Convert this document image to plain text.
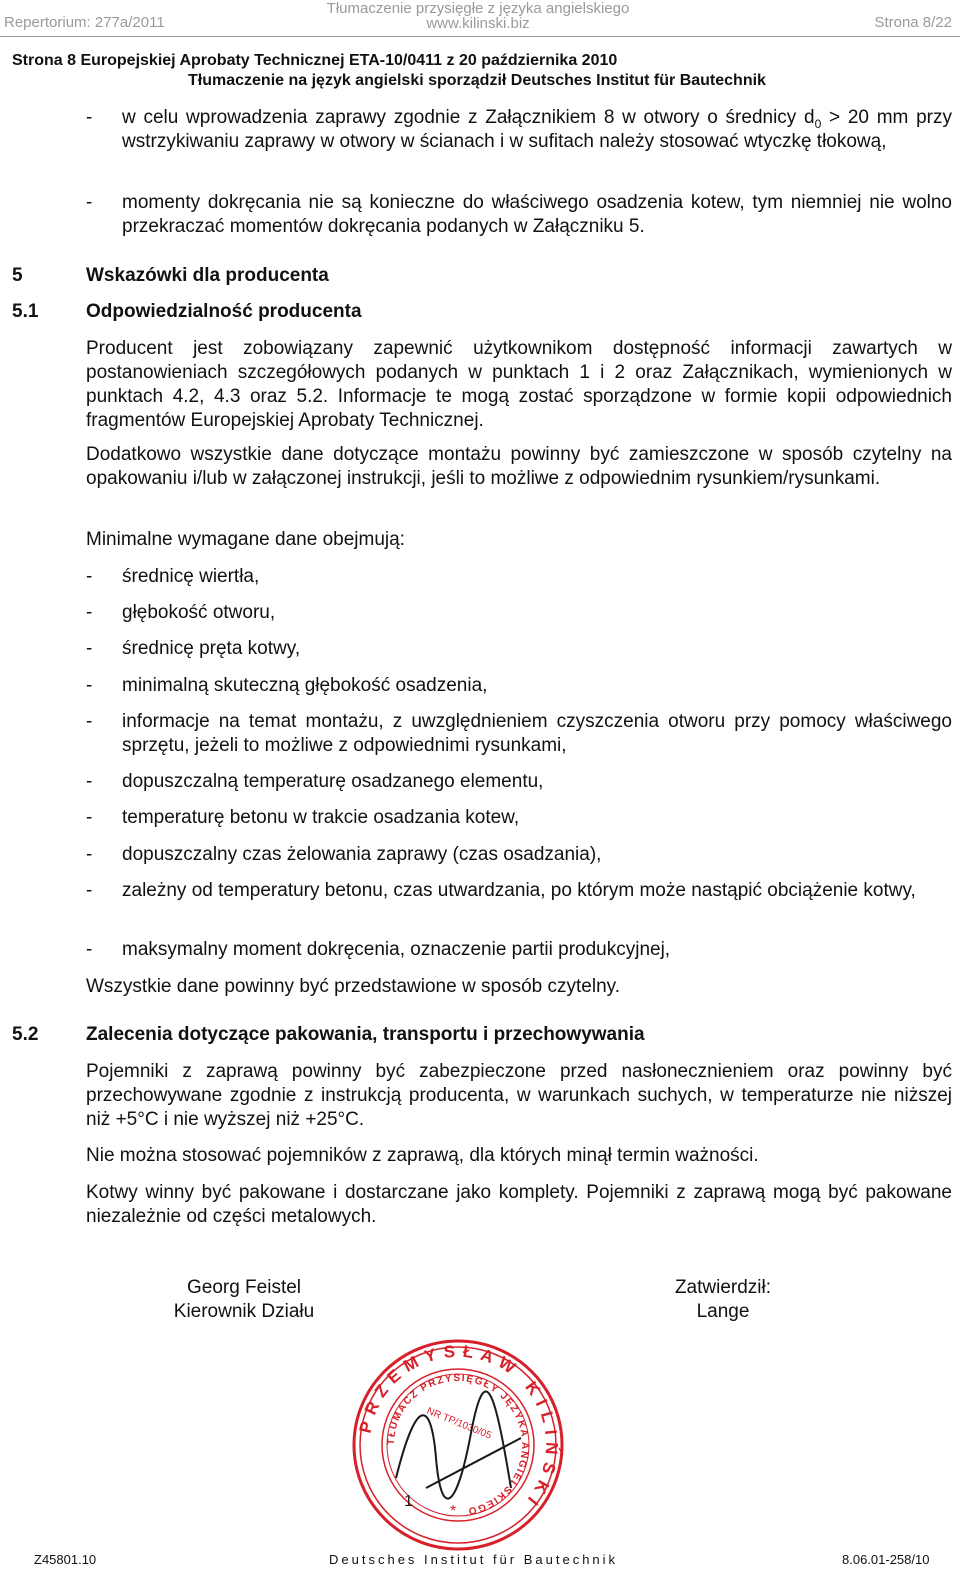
Repertorium: 277a/2011
Tłumaczenie przysięgłe z języka angielskiego
www.kilinski.biz	Strona 8/22
Strona 8 Europejskiej Aprobaty Technicznej ETA-10/0411 z 20 października 2010
Tłumaczenie na język angielski sporządził Deutsches Institut für Bautechnik
- w celu wprowadzenia zaprawy zgodnie z Załącznikiem 8 w otwory o średnicy $d_0 > 20$ mm przy wstrzykiwaniu zaprawy w otwory w ścianach i w sufitach należy stosować wtyczkę tłokową,
- momenty dokręcania nie są konieczne do właściwego osadzenia kotew, tym niemniej nie wolno przekraczać momentów dokręcania podanych w Załączniku 5.
5	Wskazówki dla producenta
5.1	Odpowiedzialność producenta
Producent jest zobowiązany zapewnić użytkownikom dostępność informacji zawartych w postanowieniach szczegółowych podanych w punktach 1 i 2 oraz Załącznikach, wymienionych w punktach 4.2, 4.3 oraz 5.2. Informacje te mogą zostać sporządzone w formie kopii odpowiednich fragmentów Europejskiej Aprobaty Technicznej.
Dodatkowo wszystkie dane dotyczące montażu powinny być zamieszczone w sposób czytelny na opakowaniu i/lub w załączonej instrukcji, jeśli to możliwe z odpowiednim rysunkiem/rysunkami.
Minimalne wymagane dane obejmują:
- średnicę wiertła,
- głębokość otworu,
- średnicę pręta kotwy,
- minimalną skuteczną głębokość osadzenia,
- informacje na temat montażu, z uwzględnieniem czyszczenia otworu przy pomocy właściwego sprzętu, jeżeli to możliwe z odpowiednimi rysunkami,
- dopuszczalną temperaturę osadzanego elementu,
- temperaturę betonu w trakcie osadzania kotew,
- dopuszczalny czas żelowania zaprawy (czas osadzania),
- zależny od temperatury betonu, czas utwardzania, po którym może nastąpić obciążenie kotwy,
- maksymalny moment dokręcenia, oznaczenie partii produkcyjnej,
Wszystkie dane powinny być przedstawione w sposób czytelny.
5.2	Zalecenia dotyczące pakowania, transportu i przechowywania
Pojemniki z zaprawą powinny być zabezpieczone przed nasłonecznieniem oraz powinny być przechowywane zgodnie z instrukcją producenta, w warunkach suchych, w temperaturze nie niższej niż +5°C i nie wyższej niż +25°C.
Nie można stosować pojemników z zaprawą, dla których minął termin ważności.
Kotwy winny być pakowane i dostarczane jako komplety. Pojemniki z zaprawą mogą być pakowane niezależnie od części metalowych.
Georg Feistel
Kierownik Działu
Zatwierdził:
Lange
PRZEMYSŁAW KILIŃSKI
TŁUMACZ PRZYSIĘGŁY JĘZYKA ANGIELSKIEGO
NR TP/1030/05
1
*
Z45801.10	Deutsches Institut für Bautechnik	8.06.01-258/10
